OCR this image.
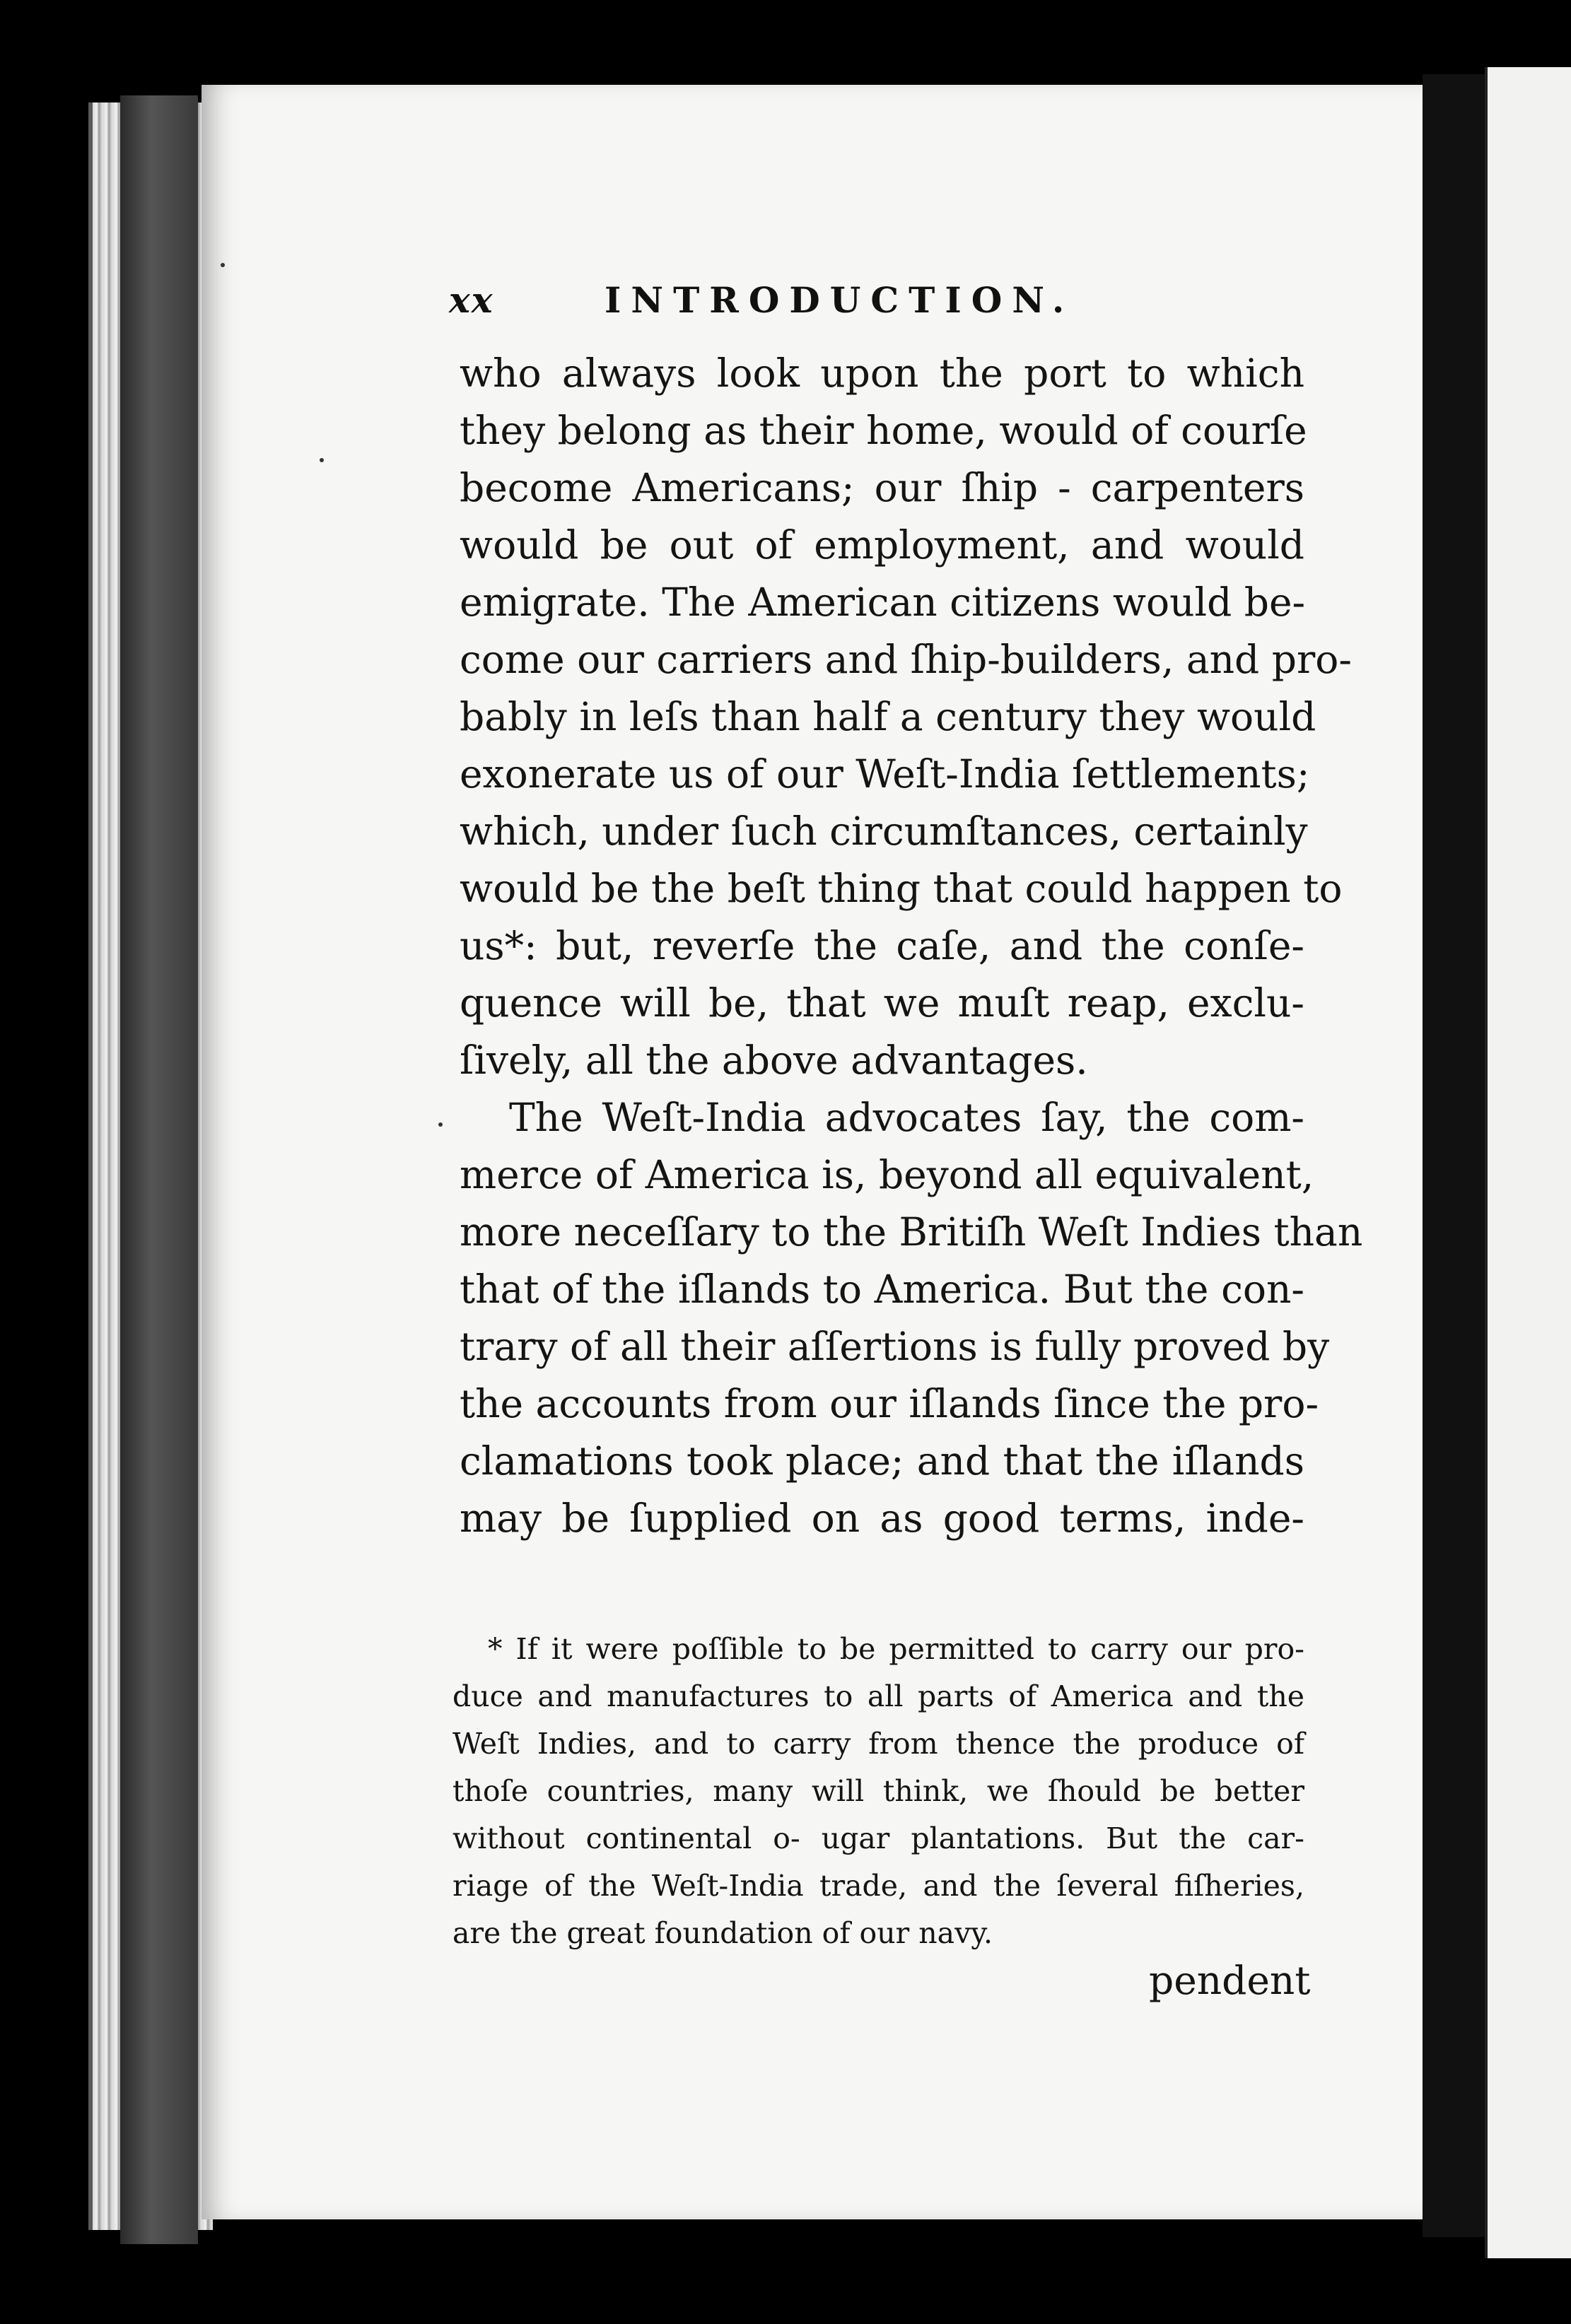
xx	INTRODUCTION.
who always look upon the port to which
they belong as their home, would of courſe
become Americans; our ſhip - carpenters
would be out of employment, and would
emigrate. The American citizens would be-
come our carriers and ſhip-builders, and pro-
bably in leſs than half a century they would
exonerate us of our Weſt-India ſettlements;
which, under ſuch circumſtances, certainly
would be the beſt thing that could happen to
us*: but, reverſe the caſe, and the conſe-
quence will be, that we muſt reap, exclu-
ſively, all the above advantages.
The Weſt-India advocates ſay, the com-
merce of America is, beyond all equivalent,
more neceſſary to the Britiſh Weſt Indies than
that of the iſlands to America. But the con-
trary of all their aſſertions is fully proved by
the accounts from our iſlands ſince the pro-
clamations took place; and that the iſlands
may be ſupplied on as good terms, inde-
* If it were poſſible to be permitted to carry our pro-
duce and manufactures to all parts of America and the
Weſt Indies, and to carry from thence the produce of
thoſe countries, many will think, we ſhould be better
without continental o- ugar plantations. But the car-
riage of the Weſt-India trade, and the ſeveral fiſheries,
are the great foundation of our navy.
pendent
